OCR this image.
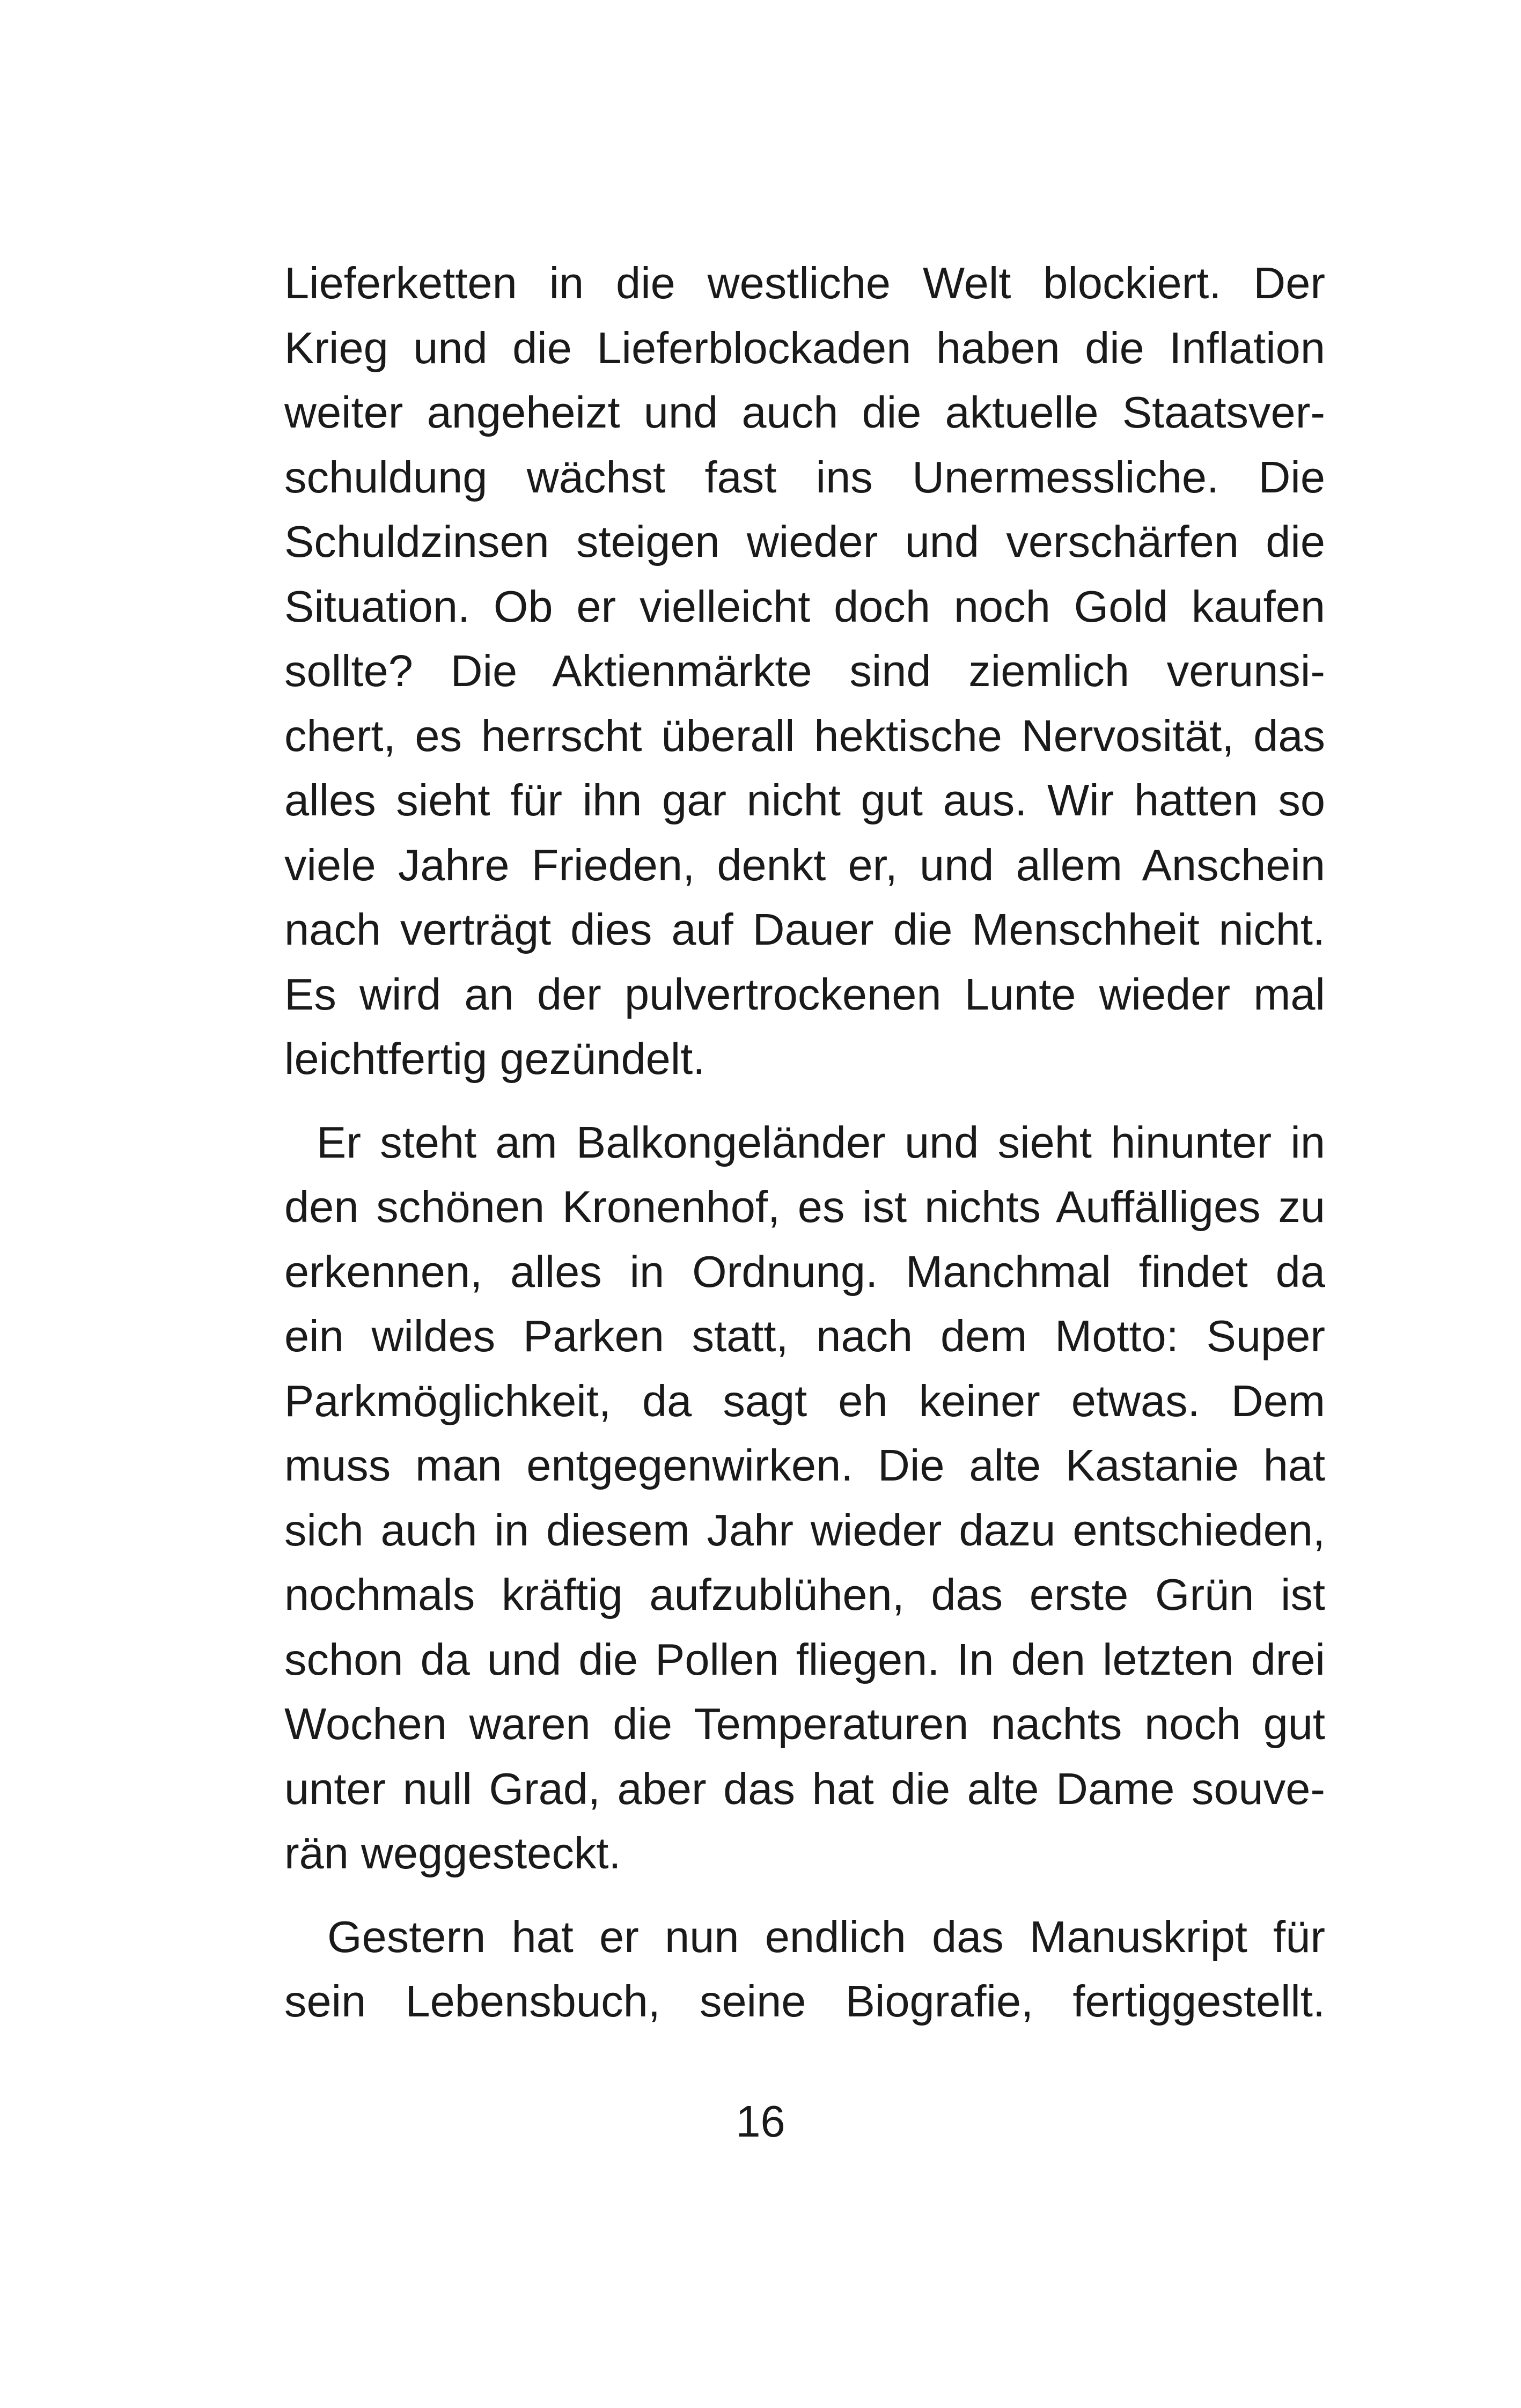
Lieferketten in die westliche Welt blockiert. Der
Krieg und die Lieferblockaden haben die Inflation
weiter angeheizt und auch die aktuelle Staatsver-
schuldung wächst fast ins Unermessliche. Die
Schuldzinsen steigen wieder und verschärfen die
Situation. Ob er vielleicht doch noch Gold kaufen
sollte? Die Aktienmärkte sind ziemlich verunsi-
chert, es herrscht überall hektische Nervosität, das
alles sieht für ihn gar nicht gut aus. Wir hatten so
viele Jahre Frieden, denkt er, und allem Anschein
nach verträgt dies auf Dauer die Menschheit nicht.
Es wird an der pulvertrockenen Lunte wieder mal
leichtfertig gezündelt.
Er steht am Balkongeländer und sieht hinunter in
den schönen Kronenhof, es ist nichts Auffälliges zu
erkennen, alles in Ordnung. Manchmal findet da
ein wildes Parken statt, nach dem Motto: Super
Parkmöglichkeit, da sagt eh keiner etwas. Dem
muss man entgegenwirken. Die alte Kastanie hat
sich auch in diesem Jahr wieder dazu entschieden,
nochmals kräftig aufzublühen, das erste Grün ist
schon da und die Pollen fliegen. In den letzten drei
Wochen waren die Temperaturen nachts noch gut
unter null Grad, aber das hat die alte Dame souve-
rän weggesteckt.
Gestern hat er nun endlich das Manuskript für
sein Lebensbuch, seine Biografie, fertiggestellt.
16
